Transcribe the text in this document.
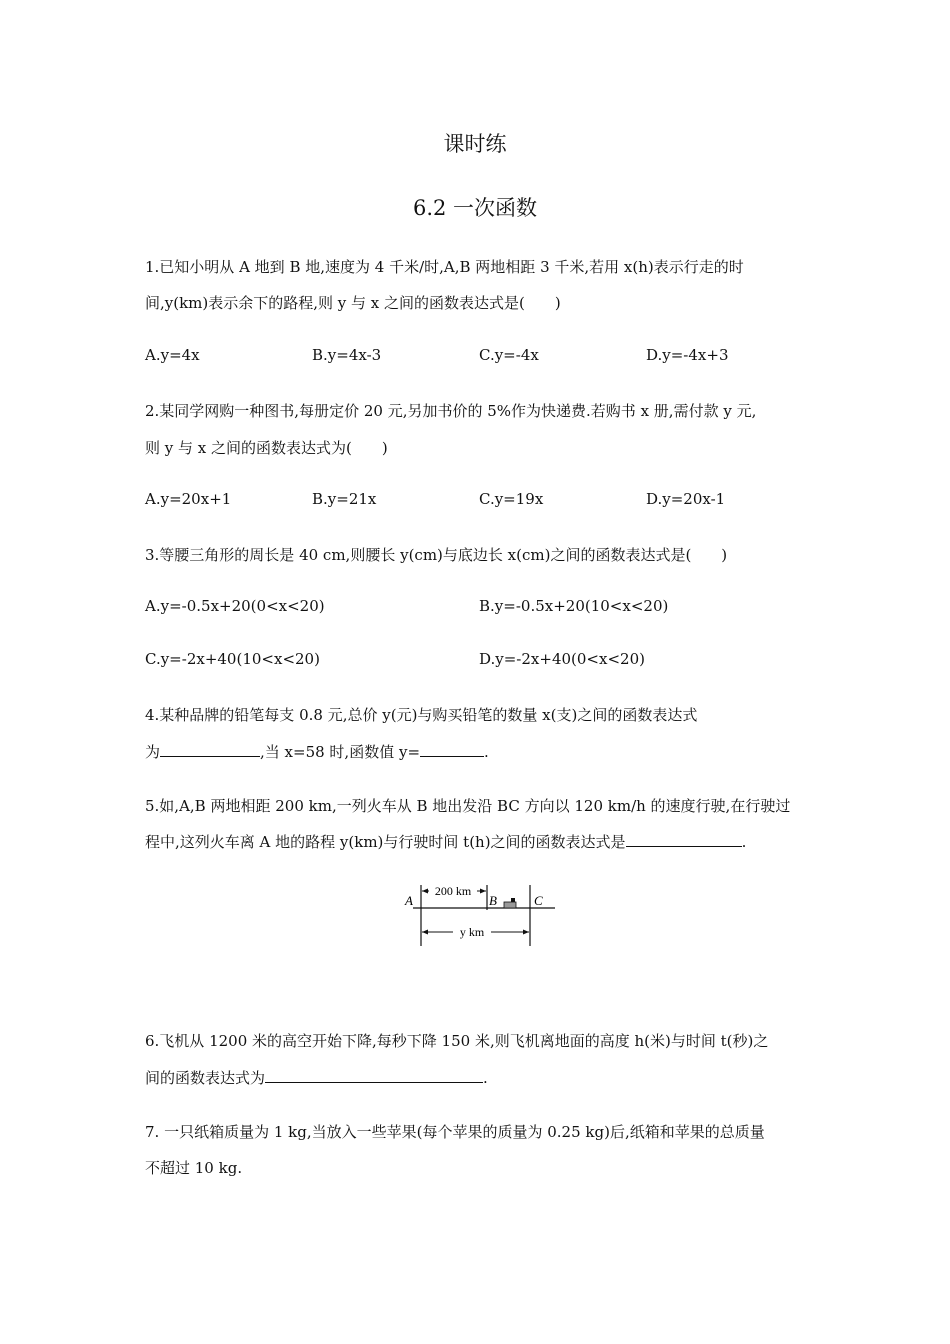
课时练
6.2 一次函数
1.已知小明从 A 地到 B 地,速度为 4 千米/时,A,B 两地相距 3 千米,若用 x(h)表示行走的时
间,y(km)表示余下的路程,则 y 与 x 之间的函数表达式是(　　)
A.y=4x	B.y=4x-3	C.y=-4x	D.y=-4x+3
2.某同学网购一种图书,每册定价 20 元,另加书价的 5%作为快递费.若购书 x 册,需付款 y 元,
则 y 与 x 之间的函数表达式为(　　)
A.y=20x+1	B.y=21x	C.y=19x	D.y=20x-1
3.等腰三角形的周长是 40 cm,则腰长 y(cm)与底边长 x(cm)之间的函数表达式是(　　)
A.y=-0.5x+20(0<x<20)	B.y=-0.5x+20(10<x<20)
C.y=-2x+40(10<x<20)	D.y=-2x+40(0<x<20)
4.某种品牌的铅笔每支 0.8 元,总价 y(元)与购买铅笔的数量 x(支)之间的函数表达式
为	,当 x=58 时,函数值 y=	.
5.如,A,B 两地相距 200 km,一列火车从 B 地出发沿 BC 方向以 120 km/h 的速度行驶,在行驶过
程中,这列火车离 A 地的路程 y(km)与行驶时间 t(h)之间的函数表达式是	.
A	B	C
200 km
y km
6.飞机从 1200 米的高空开始下降,每秒下降 150 米,则飞机离地面的高度 h(米)与时间 t(秒)之
间的函数表达式为	.
7. 一只纸箱质量为 1 kg,当放入一些苹果(每个苹果的质量为 0.25 kg)后,纸箱和苹果的总质量
不超过 10 kg.
